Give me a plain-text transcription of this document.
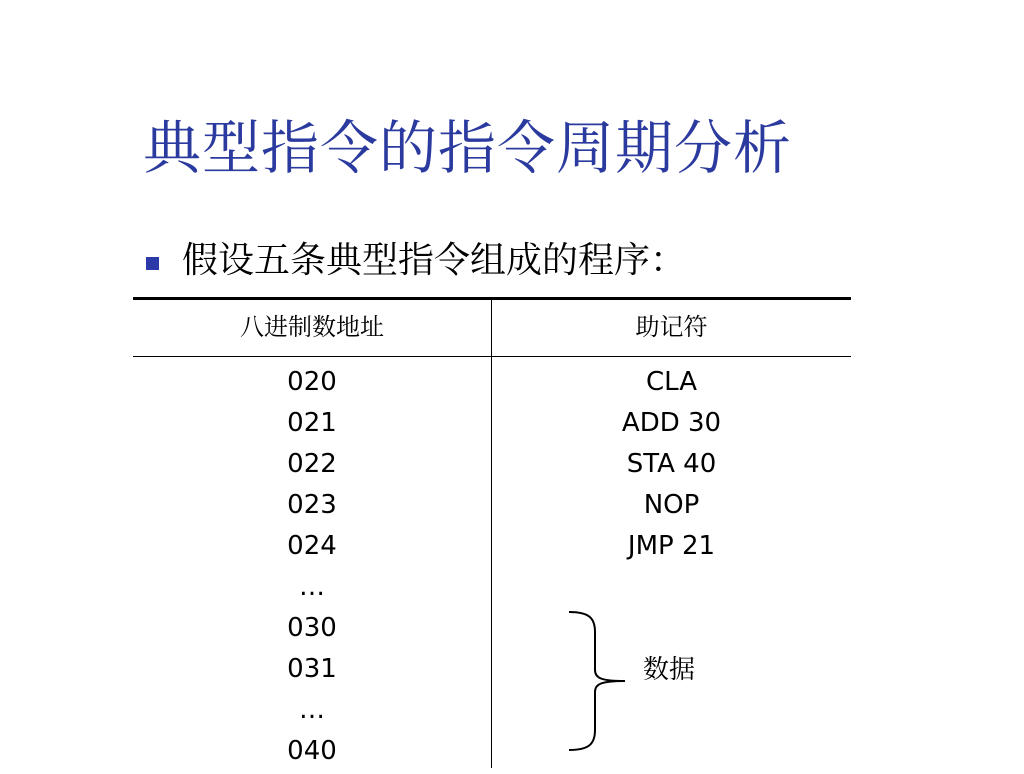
典型指令的指令周期分析
假设五条典型指令组成的程序：
八进制数地址	助记符
020
021
022
023
024
…
030
031
…
040
CLA
ADD 30
STA 40
NOP
JMP 21
数据
